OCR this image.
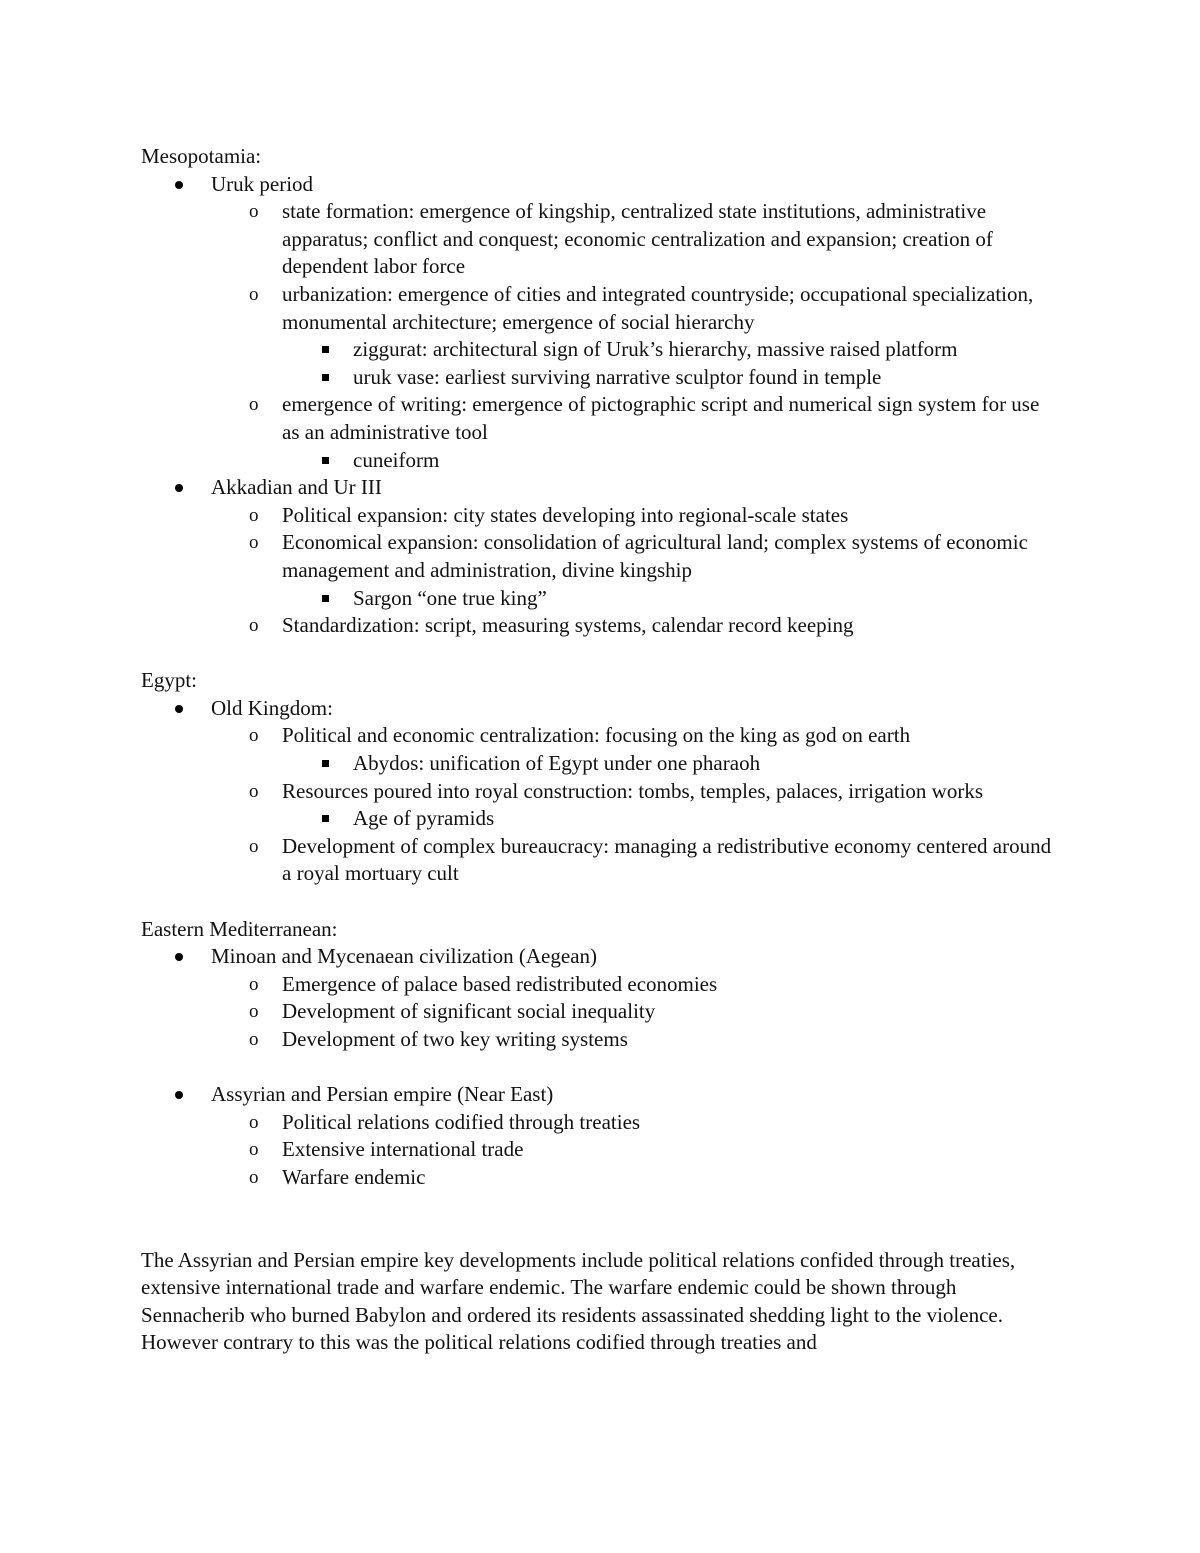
Mesopotamia:

Uruk period
o state formation: emergence of kingship, centralized state institutions, administrative apparatus; conflict and conquest; economic centralization and expansion; creation of dependent labor force
o urbanization: emergence of cities and integrated countryside; occupational specialization, monumental architecture; emergence of social hierarchy
ziggurat: architectural sign of Uruk’s hierarchy, massive raised platform
uruk vase: earliest surviving narrative sculptor found in temple
o emergence of writing: emergence of pictographic script and numerical sign system for use as an administrative tool
cuneiform
Akkadian and Ur III
o Political expansion: city states developing into regional-scale states
o Economical expansion: consolidation of agricultural land; complex systems of economic management and administration, divine kingship
Sargon “one true king”
o Standardization: script, measuring systems, calendar record keeping

Egypt:

Old Kingdom:
o Political and economic centralization: focusing on the king as god on earth
Abydos: unification of Egypt under one pharaoh
o Resources poured into royal construction: tombs, temples, palaces, irrigation works
Age of pyramids
o Development of complex bureaucracy: managing a redistributive economy centered around a royal mortuary cult

Eastern Mediterranean:

Minoan and Mycenaean civilization (Aegean)
o Emergence of palace based redistributed economies
o Development of significant social inequality
o Development of two key writing systems
Assyrian and Persian empire (Near East)
o Political relations codified through treaties
o Extensive international trade
o Warfare endemic

The Assyrian and Persian empire key developments include political relations confided through treaties, extensive international trade and warfare endemic. The warfare endemic could be shown through Sennacherib who burned Babylon and ordered its residents assassinated shedding light to the violence. However contrary to this was the political relations codified through treaties and
